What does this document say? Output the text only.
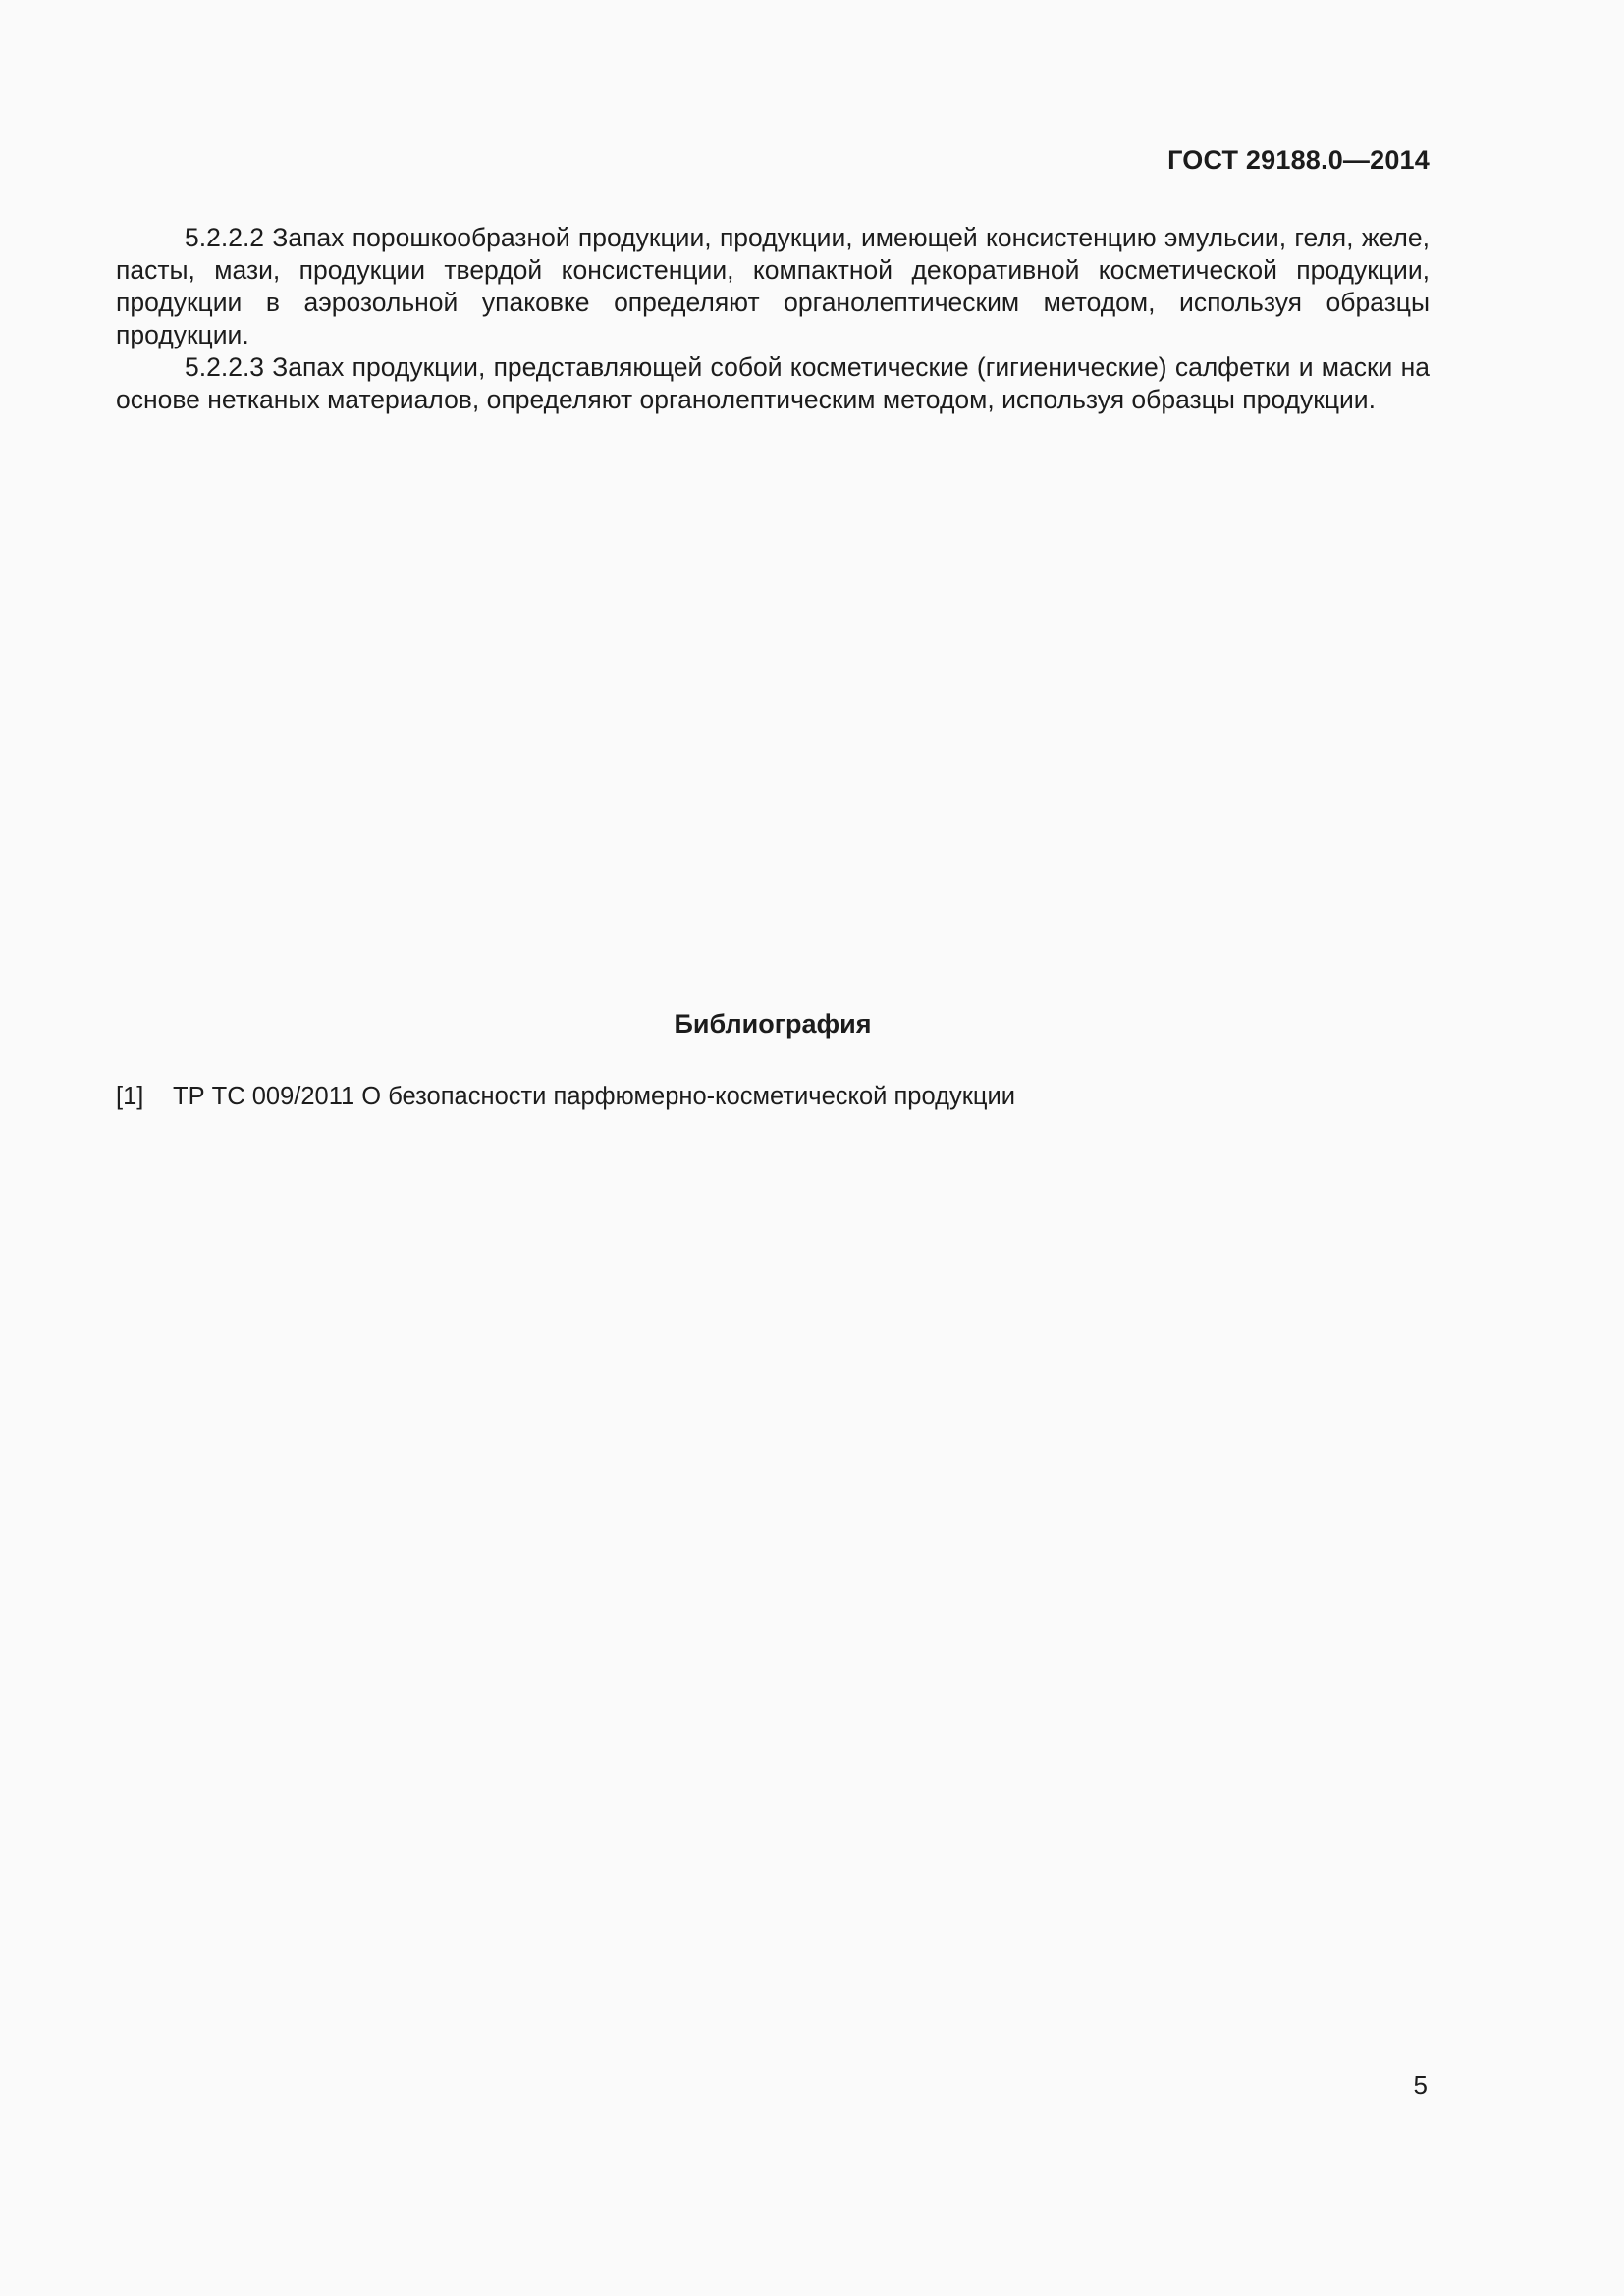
ГОСТ 29188.0—2014

5.2.2.2 Запах порошкообразной продукции, продукции, имеющей консистенцию эмульсии, геля, желе, пасты, мази, продукции твердой консистенции, компактной декоративной косметической продукции, продукции в аэрозольной упаковке определяют органолептическим методом, используя образцы продукции.

5.2.2.3 Запах продукции, представляющей собой косметические (гигиенические) салфетки и маски на основе нетканых материалов, определяют органолептическим методом, используя образцы продукции.

Библиография
[1]	ТР ТС 009/2011 О безопасности парфюмерно-косметической продукции
5
